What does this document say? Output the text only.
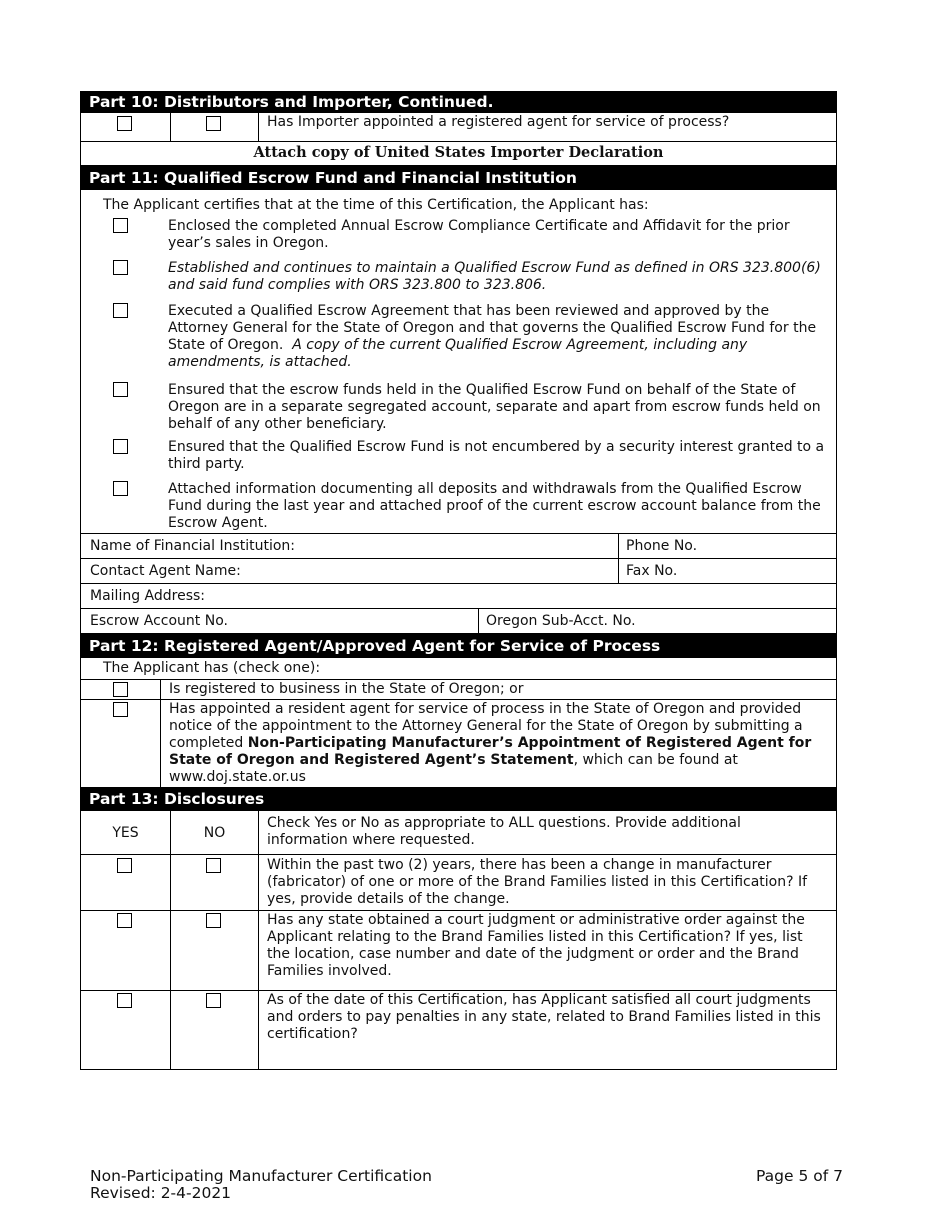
Part 10: Distributors and Importer, Continued.
Has Importer appointed a registered agent for service of process?
Attach copy of United States Importer Declaration
Part 11: Qualified Escrow Fund and Financial Institution
The Applicant certifies that at the time of this Certification, the Applicant has:
Enclosed the completed Annual Escrow Compliance Certificate and Affidavit for the prior year’s sales in Oregon.
Established and continues to maintain a Qualified Escrow Fund as defined in ORS 323.800(6) and said fund complies with ORS 323.800 to 323.806.
Executed a Qualified Escrow Agreement that has been reviewed and approved by the Attorney General for the State of Oregon and that governs the Qualified Escrow Fund for the State of Oregon. A copy of the current Qualified Escrow Agreement, including any amendments, is attached.
Ensured that the escrow funds held in the Qualified Escrow Fund on behalf of the State of Oregon are in a separate segregated account, separate and apart from escrow funds held on behalf of any other beneficiary.
Ensured that the Qualified Escrow Fund is not encumbered by a security interest granted to a third party.
Attached information documenting all deposits and withdrawals from the Qualified Escrow Fund during the last year and attached proof of the current escrow account balance from the Escrow Agent.
Name of Financial Institution:	Phone No.
Contact Agent Name:	Fax No.
Mailing Address:
Escrow Account No.	Oregon Sub-Acct. No.
Part 12: Registered Agent/Approved Agent for Service of Process
The Applicant has (check one):
Is registered to business in the State of Oregon; or
Has appointed a resident agent for service of process in the State of Oregon and provided notice of the appointment to the Attorney General for the State of Oregon by submitting a completed Non-Participating Manufacturer’s Appointment of Registered Agent for State of Oregon and Registered Agent’s Statement, which can be found at www.doj.state.or.us
Part 13: Disclosures
YES	NO
Check Yes or No as appropriate to ALL questions. Provide additional information where requested.
Within the past two (2) years, there has been a change in manufacturer (fabricator) of one or more of the Brand Families listed in this Certification? If yes, provide details of the change.
Has any state obtained a court judgment or administrative order against the Applicant relating to the Brand Families listed in this Certification? If yes, list the location, case number and date of the judgment or order and the Brand Families involved.
As of the date of this Certification, has Applicant satisfied all court judgments and orders to pay penalties in any state, related to Brand Families listed in this certification?
Non-Participating Manufacturer Certification
Revised: 2-4-2021
Page 5 of 7
